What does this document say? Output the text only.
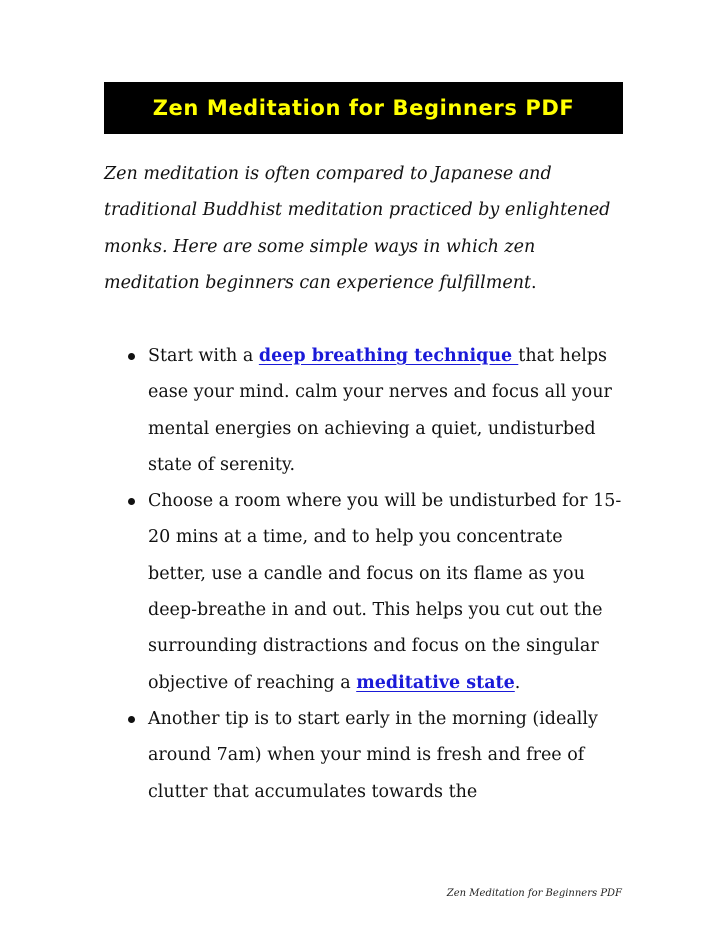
Zen Meditation for Beginners PDF

Zen meditation is often compared to Japanese and traditional Buddhist meditation practiced by enlightened monks. Here are some simple ways in which zen meditation beginners can experience fulfillment.

Start with a deep breathing technique that helps ease your mind. calm your nerves and focus all your mental energies on achieving a quiet, undisturbed state of serenity.
Choose a room where you will be undisturbed for 15-20 mins at a time, and to help you concentrate better, use a candle and focus on its flame as you deep-breathe in and out. This helps you cut out the surrounding distractions and focus on the singular objective of reaching a meditative state.
Another tip is to start early in the morning (ideally around 7am) when your mind is fresh and free of clutter that accumulates towards the
Zen Meditation for Beginners PDF
